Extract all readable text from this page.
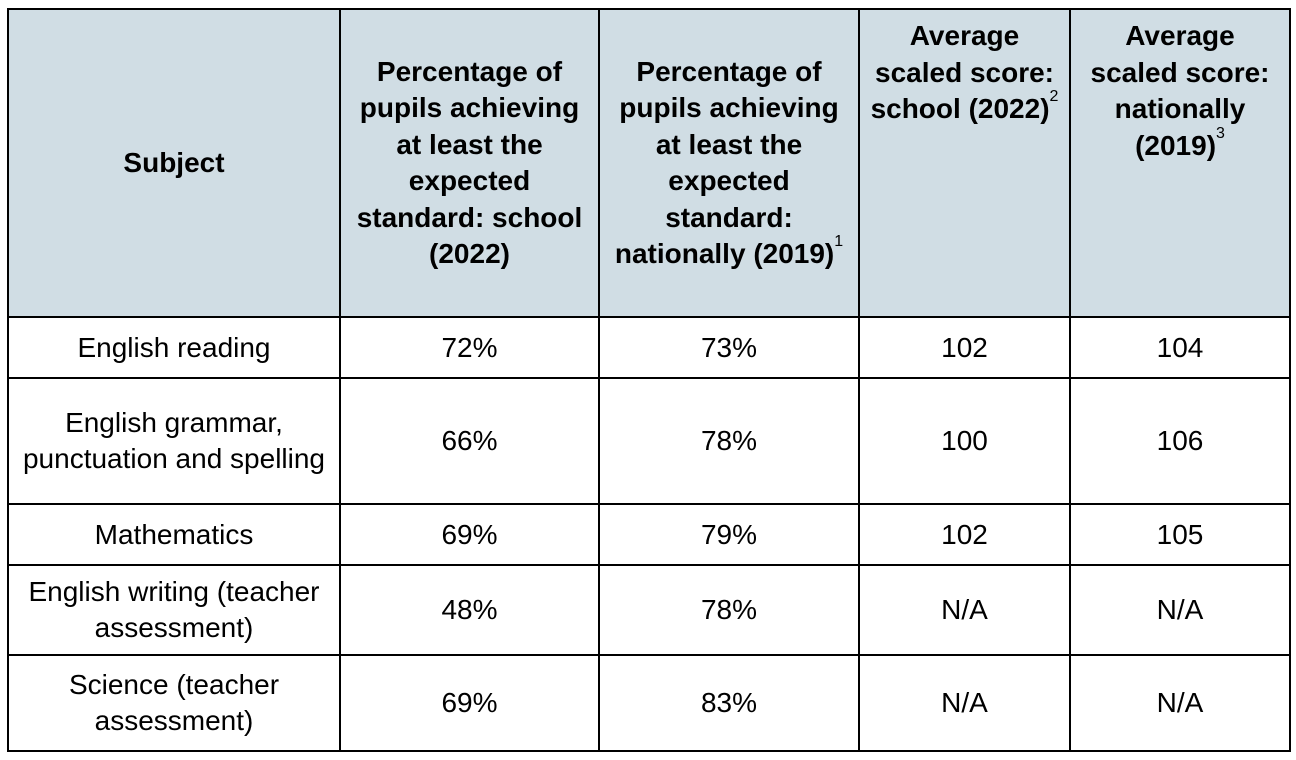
Subject	Percentage of pupils achieving at least the expected standard: school (2022)	Percentage of pupils achieving at least the expected standard: nationally $(2019)^1$	Average scaled score: school $(2022)^2$	Average scaled score: nationally $(2019)^3$
English reading	72%	73%	102	104
English grammar, punctuation and spelling	66%	78%	100	106
Mathematics	69%	79%	102	105
English writing (teacher assessment)	48%	78%	N/A	N/A
Science (teacher assessment)	69%	83%	N/A	N/A
